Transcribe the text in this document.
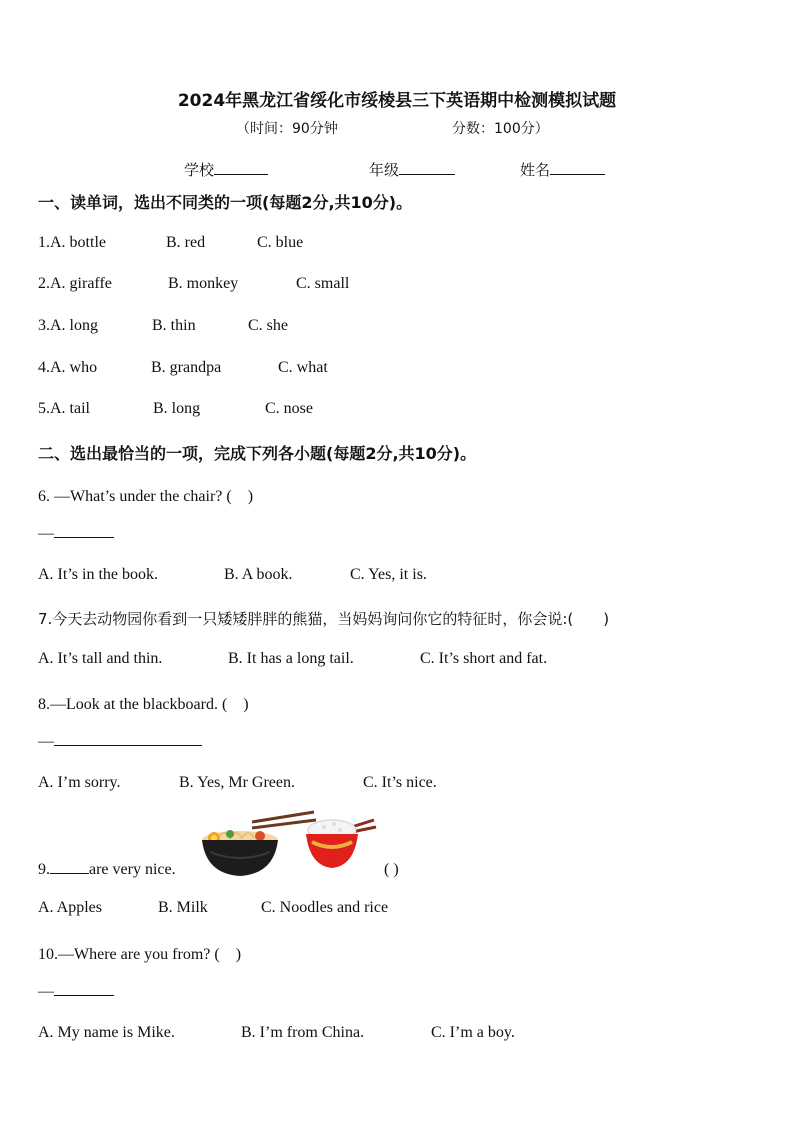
2024年黑龙江省绥化市绥棱县三下英语期中检测模拟试题
（时间：90分钟	分数：100分）
学校	年级	姓名
一、读单词，选出不同类的一项(每题2分,共10分)。
1.A. bottle	B. red	C. blue
2.A. giraffe	B. monkey	C. small
3.A. long	B. thin	C. she
4.A. who	B. grandpa	C. what
5.A. tail	B. long	C. nose
二、选出最恰当的一项，完成下列各小题(每题2分,共10分)。
6. —What’s under the chair? (　)
—
A. It’s in the book.	B. A book.	C. Yes, it is.
7.今天去动物园你看到一只矮矮胖胖的熊猫，当妈妈询问你它的特征时，你会说:(　　)
A. It’s tall and thin.	B. It has a long tail.	C. It’s short and fat.
8.—Look at the blackboard. (　)
—
A. I’m sorry.	B. Yes, Mr Green.	C. It’s nice.
9. are very nice.	( )
A. Apples	B. Milk	C. Noodles and rice
10.—Where are you from? (　)
—
A. My name is Mike.	B. I’m from China.	C. I’m a boy.
